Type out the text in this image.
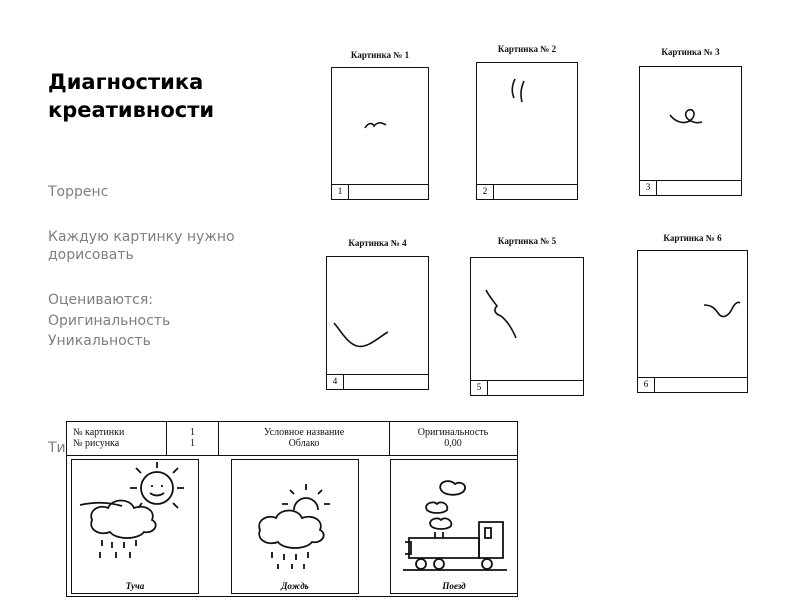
Диагностика креативности
Торренс
Каждую картинку нужно дорисовать
Оцениваются:
Оригинальность
Уникальность
Ти
Картинка № 1
1
Картинка № 2
2
Картинка № 3
3
Картинка № 4
4
Картинка № 5
5
Картинка № 6
6
№ картинки
№ рисунка
1
1
Условное название
Облако
Оригинальность
0,00
Туча	Дождь	Поезд
